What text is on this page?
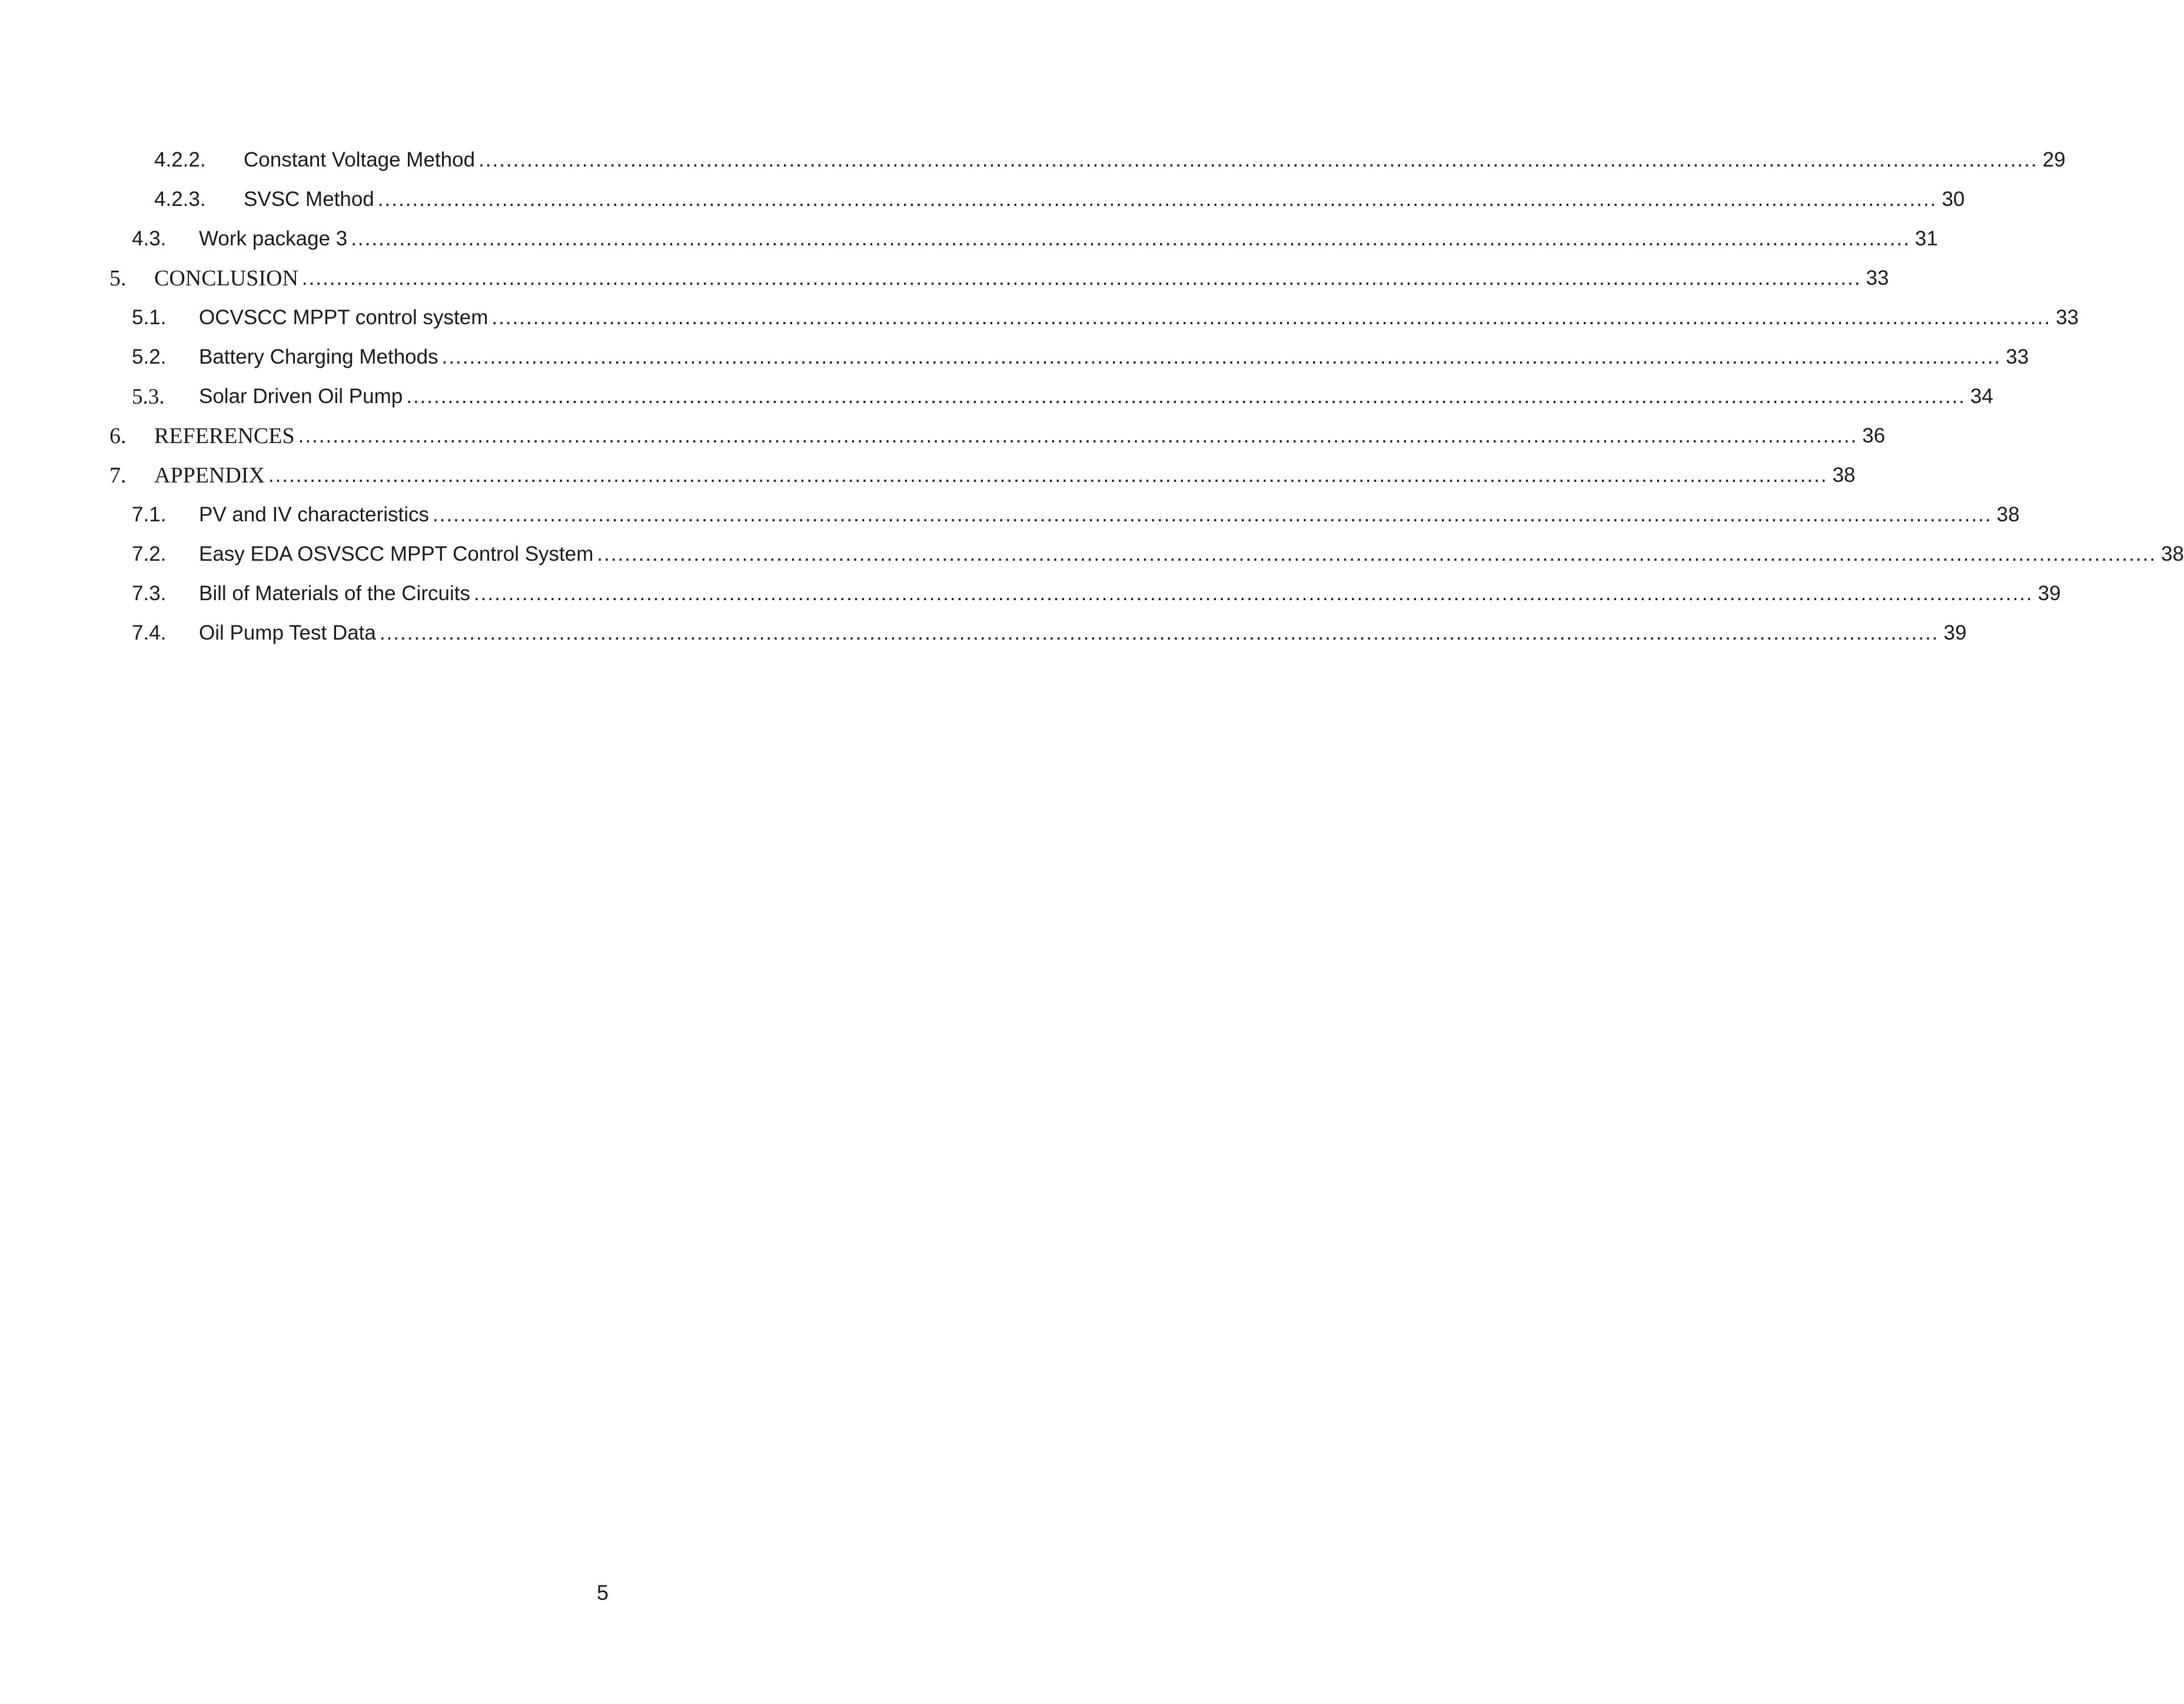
4.2.2. Constant Voltage Method .................................................................................................................................................................................................................................. 29
4.2.3. SVSC Method .................................................................................................................................................................................................................................. 30
4.3. Work package 3 .................................................................................................................................................................................................................................. 31
5. CONCLUSION .................................................................................................................................................................................................................................. 33
5.1. OCVSCC MPPT control system .................................................................................................................................................................................................................................. 33
5.2. Battery Charging Methods .................................................................................................................................................................................................................................. 33
5.3. Solar Driven Oil Pump .................................................................................................................................................................................................................................. 34
6. REFERENCES .................................................................................................................................................................................................................................. 36
7. APPENDIX .................................................................................................................................................................................................................................. 38
7.1. PV and IV characteristics .................................................................................................................................................................................................................................. 38
7.2. Easy EDA OSVSCC MPPT Control System .................................................................................................................................................................................................................................. 38
7.3. Bill of Materials of the Circuits .................................................................................................................................................................................................................................. 39
7.4. Oil Pump Test Data .................................................................................................................................................................................................................................. 39
5
